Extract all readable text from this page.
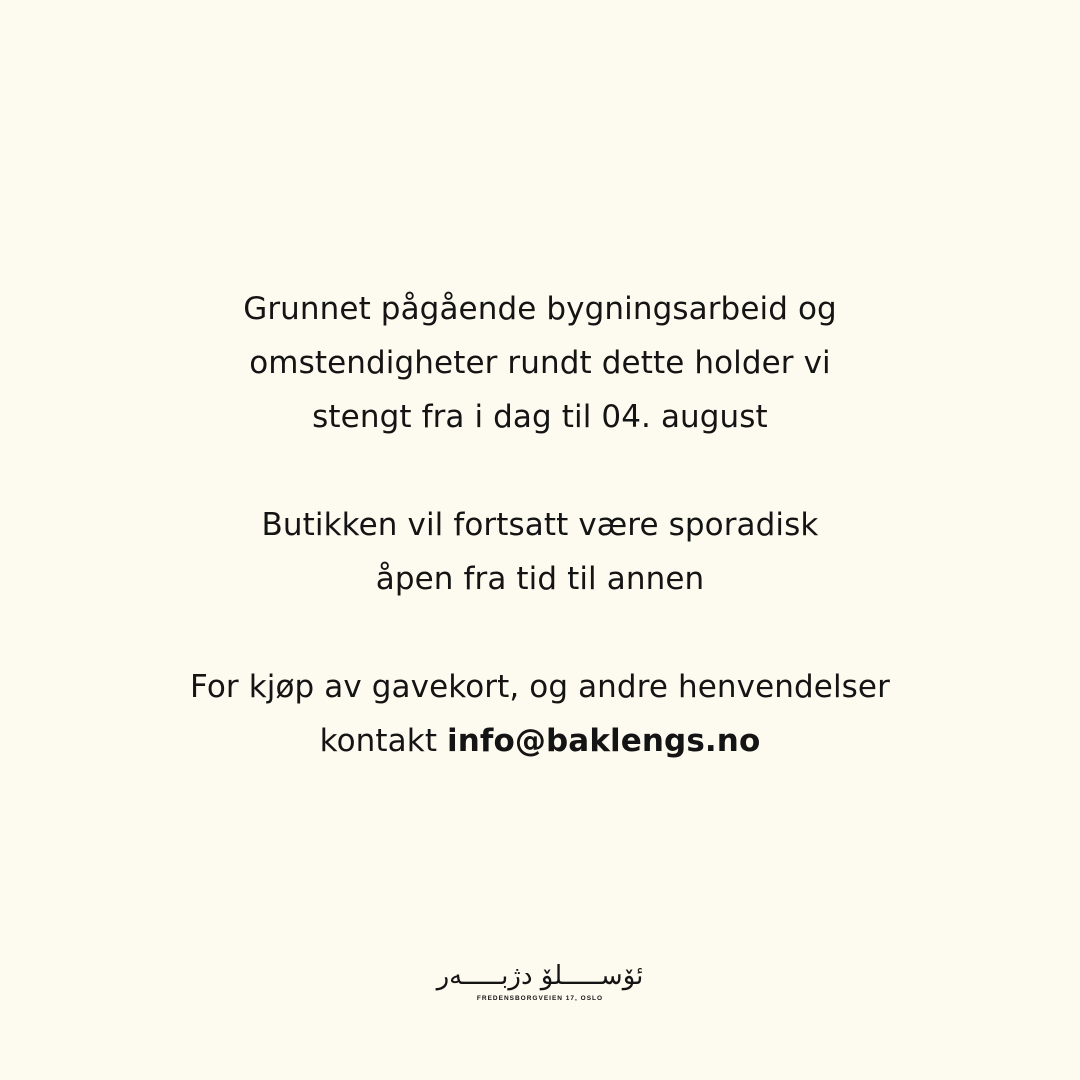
Grunnet pågående bygningsarbeid og
omstendigheter rundt dette holder vi
stengt fra i dag til 04. august

Butikken vil fortsatt være sporadisk
åpen fra tid til annen

For kjøp av gavekort, og andre henvendelser
kontakt info@baklengs.no

ئۆســـــلۆ دژبـــــەر
FREDENSBORGVEIEN 17, OSLO
